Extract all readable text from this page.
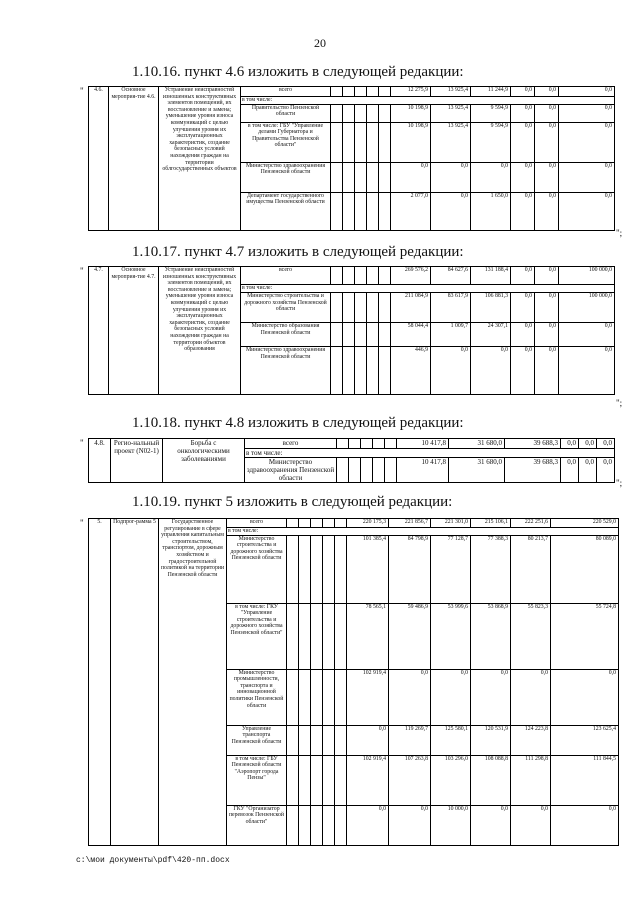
20
1.10.16. пункт 4.6 изложить в следующей редакции:
" 4.6.	Основное мероприя-тие 4.6.	Устранение неисправностей изношенных конструктивных элементов помещений, их восстановление и замена; уменьшение уровня износа коммуникаций с целью улучшения уровня их эксплуатационных характеристик, создание безопасных условий нахождения граждан на территории облгосударственных объектов	всего						12 275,9	13 925,4	11 244,9	0,0	0,0	0,0
			в том числе:											
			Правительство Пензенской области						10 198,9	13 925,4	9 594,9	0,0	0,0	0,0
			в том числе: ГБУ "Управление делами Губернатора и Правительства Пензенской области"						10 198,9	13 925,4	9 594,9	0,0	0,0	0,0
			Министерство здравоохранения Пензенской области						0,0	0,0	0,0	0,0	0,0	0,0
			Департамент государственного имущества Пензенской области						2 077,0	0,0	1 650,0	0,0	0,0	0,0
";
1.10.17. пункт 4.7 изложить в следующей редакции:
" 4.7.	Основное мероприя-тие 4.7.	Устранение неисправностей изношенных конструктивных элементов помещений, их восстановление и замена; уменьшение уровня износа коммуникаций с целью улучшения уровня их эксплуатационных характеристик, создание безопасных условий нахождения граждан на территории объектов образования	всего						269 576,2	84 627,6	131 188,4	0,0	0,0	100 000,0
			в том числе:											
			Министерство строительства и дорожного хозяйства Пензенской области						211 084,9	83 617,9	106 881,3	0,0	0,0	100 000,0
			Министерство образования Пензенской области						58 044,4	1 009,7	24 307,1	0,0	0,0	0,0
			Министерство здравоохранения Пензенской области						446,9	0,0	0,0	0,0	0,0	0,0
";
1.10.18. пункт 4.8 изложить в следующей редакции:
" 4.8.	Регио-нальный проект (N02-1)	Борьба с онкологическими заболеваниями	всего						10 417,8	31 680,0	39 688,3	0,0	0,0	0,0
			в том числе:											
			Министерство здравоохранения Пензенской области						10 417,8	31 680,0	39 688,3	0,0	0,0	0,0
";
1.10.19. пункт 5 изложить в следующей редакции:
" 5.	Подпрог-рамма 5	Государственное регулирование в сфере управления капитальным строительством, транспортом, дорожным хозяйством и градостроительной политикой на территории Пензенской области	всего						220 175,3	221 856,7	221 301,0	215 106,1	222 251,6	220 529,0
			в том числе:											
			Министерство строительства и дорожного хозяйства Пензенской области						101 385,4	84 798,9	77 128,7	77 388,3	80 213,7	80 089,0
			в том числе: ГКУ "Управление строительства и дорожного хозяйства Пензенской области"						78 565,1	59 486,9	53 999,6	53 868,9	55 823,3	55 724,8
			Министерство промышленности, транспорта и инновационной политики Пензенской области						102 919,4	0,0	0,0	0,0	0,0	0,0
			Управление транспорта Пензенской области						0,0	119 269,7	125 580,1	120 531,9	124 223,8	123 625,4
			в том числе: ГБУ Пензенской области "Аэропорт города Пензы"						102 919,4	107 263,8	103 296,0	108 088,8	111 298,8	111 844,5
			ГКУ "Организатор перевозок Пензенской области"						0,0	0,0	10 000,0	0,0	0,0	0,0
c:\мои документы\pdf\420-пп.docx
